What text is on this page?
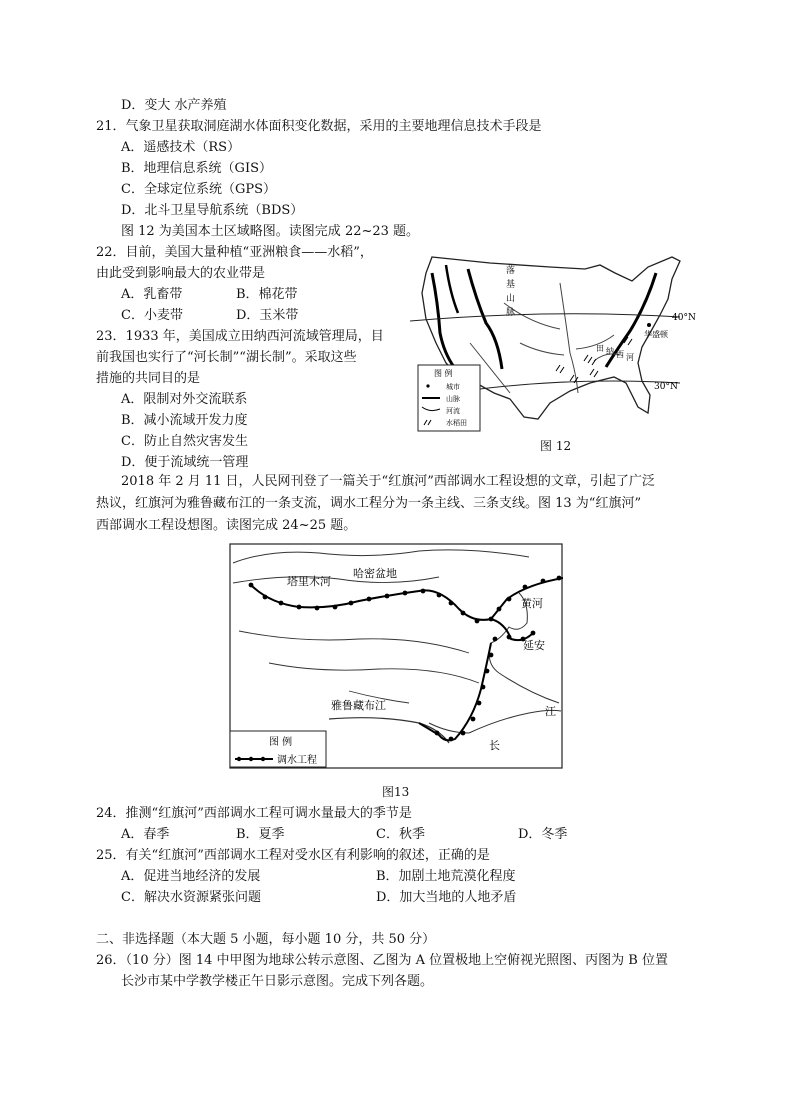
D．变大 水产养殖
21．气象卫星获取洞庭湖水体面积变化数据，采用的主要地理信息技术手段是
A．遥感技术（RS）
B．地理信息系统（GIS）
C．全球定位系统（GPS）
D．北斗卫星导航系统（BDS）
图 12 为美国本土区域略图。读图完成 22~23 题。
22．目前，美国大量种植“亚洲粮食——水稻”，
由此受到影响最大的农业带是
A．乳畜带	B．棉花带
C．小麦带	D．玉米带
23．1933 年，美国成立田纳西河流域管理局，目
前我国也实行了“河长制”“湖长制”。采取这些
措施的共同目的是
A．限制对外交流联系
B．减小流域开发力度
C．防止自然灾害发生
D．便于流域统一管理
40°N
30°N
落
基
山
脉
华盛顿
田 纳 西 河
图 例
城市
山脉
河流
水稻田
图 12
2018 年 2 月 11 日，人民网刊登了一篇关于“红旗河”西部调水工程设想的文章，引起了广泛
热议，红旗河为雅鲁藏布江的一条支流，调水工程分为一条主线、三条支线。图 13 为“红旗河”
西部调水工程设想图。读图完成 24~25 题。
塔里木河
哈密盆地
黄河
延安
雅鲁藏布江	江
长
图 例
调水工程
图13
24．推测“红旗河”西部调水工程可调水量最大的季节是
A．春季	B．夏季	C．秋季	D．冬季
25．有关“红旗河”西部调水工程对受水区有利影响的叙述，正确的是
A．促进当地经济的发展	B．加剧土地荒漠化程度
C．解决水资源紧张问题	D．加大当地的人地矛盾
二、非选择题（本大题 5 小题，每小题 10 分，共 50 分）
26．（10 分）图 14 中甲图为地球公转示意图、乙图为 A 位置极地上空俯视光照图、丙图为 B 位置
长沙市某中学教学楼正午日影示意图。完成下列各题。
